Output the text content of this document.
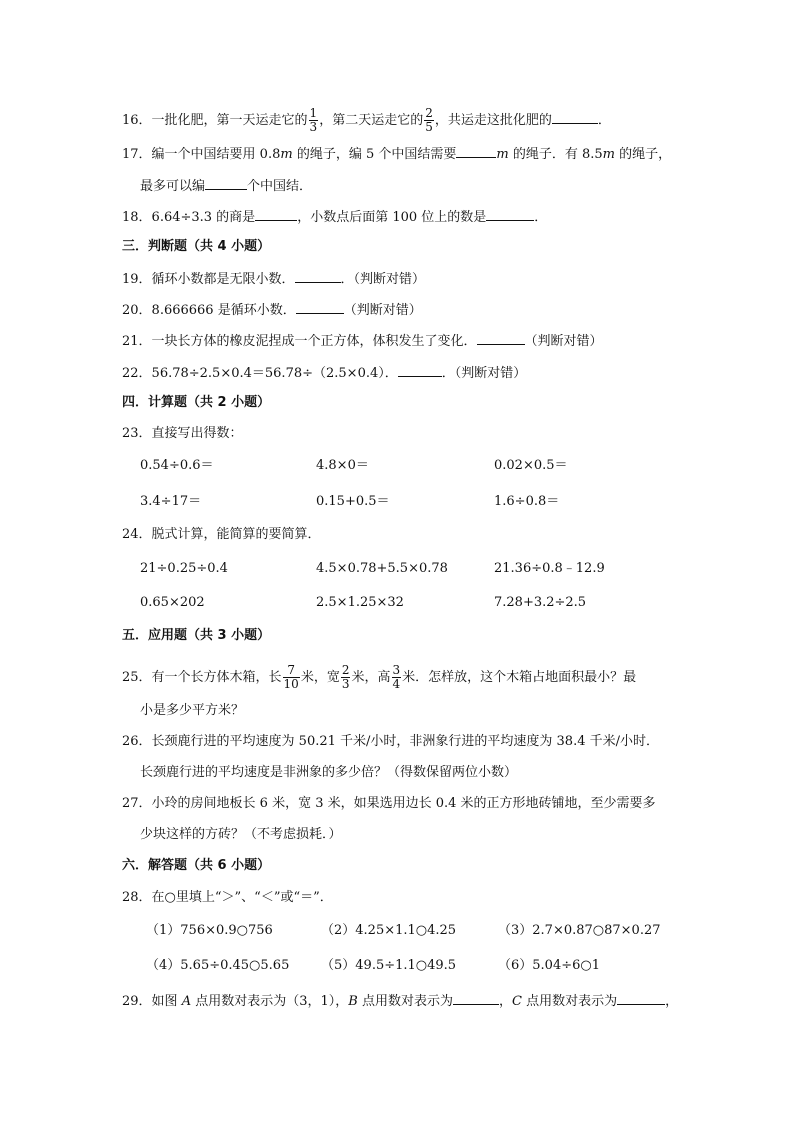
16．一批化肥，第一天运走它的 $\frac{1}{3}$ ，第二天运走它的 $\frac{2}{5}$ ，共运走这批化肥的	．
17．编一个中国结要用 0.8m 的绳子，编 5 个中国结需要	m 的绳子．有 8.5m 的绳子，
最多可以编	个中国结．
18．6.64÷3.3 的商是	，小数点后面第 100 位上的数是	．
三．判断题（共 4 小题）
19．循环小数都是无限小数．	．（判断对错）
20．8.666666 是循环小数．	（判断对错）
21．一块长方体的橡皮泥捏成一个正方体，体积发生了变化．	（判断对错）
22．56.78÷2.5×0.4＝56.78÷（2.5×0.4）．	．（判断对错）
四．计算题（共 2 小题）
23．直接写出得数：
0.54÷0.6＝	4.8×0＝	0.02×0.5＝
3.4÷17＝	0.15+0.5＝	1.6÷0.8＝
24．脱式计算，能简算的要简算．
21÷0.25÷0.4	4.5×0.78+5.5×0.78	21.36÷0.8﹣12.9
0.65×202	2.5×1.25×32	7.28+3.2÷2.5
五．应用题（共 3 小题）
25．有一个长方体木箱，长 $\frac{7}{10}$ 米，宽 $\frac{2}{3}$ 米，高 $\frac{3}{4}$ 米．怎样放，这个木箱占地面积最小？最
小是多少平方米？
26．长颈鹿行进的平均速度为 50.21 千米/小时，非洲象行进的平均速度为 38.4 千米/小时．
长颈鹿行进的平均速度是非洲象的多少倍？（得数保留两位小数）
27．小玲的房间地板长 6 米，宽 3 米，如果选用边长 0.4 米的正方形地砖铺地，至少需要多
少块这样的方砖？（不考虑损耗．）
六．解答题（共 6 小题）
28．在○里填上“＞”、“＜”或“＝”．
（1）756×0.9○756	（2）4.25×1.1○4.25	（3）2.7×0.87○87×0.27
（4）5.65÷0.45○5.65 （5）49.5÷1.1○49.5	（6）5.04÷6○1
29．如图 A 点用数对表示为（3，1），B 点用数对表示为	，C 点用数对表示为	，
